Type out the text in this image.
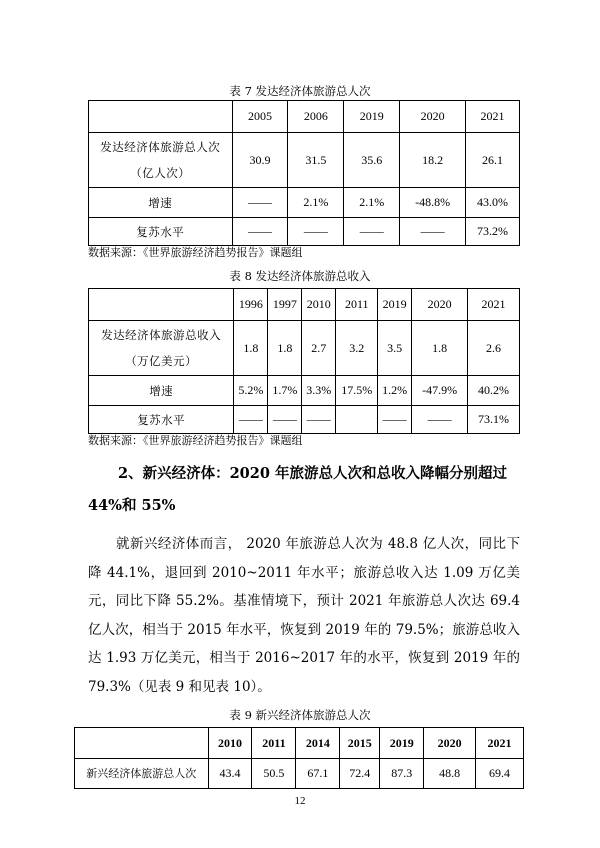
表 7 发达经济体旅游总人次
	2005	2006	2019	2020	2021

发达经济体旅游总人次
（亿人次）	30.9	31.5	35.6	18.2	26.1
增速	——	2.1%	2.1%	-48.8%	43.0%
复苏水平	——	——	——	——	73.2%
数据来源：《世界旅游经济趋势报告》课题组
表 8 发达经济体旅游总收入
	1996	1997	2010	2011	2019	2020	2021

发达经济体旅游总收入
（万亿美元）	1.8	1.8	2.7	3.2	3.5	1.8	2.6
增速	5.2%	1.7%	3.3%	17.5%	1.2%	-47.9%	40.2%
复苏水平	——	——	——		——	——	73.1%
数据来源：《世界旅游经济趋势报告》课题组
2、新兴经济体：2020 年旅游总人次和总收入降幅分别超过 44%和 55%
就新兴经济体而言， 2020 年旅游总人次为 48.8 亿人次，同比下降 44.1%，退回到 2010~2011 年水平；旅游总收入达 1.09 万亿美元，同比下降 55.2%。基准情境下，预计 2021 年旅游总人次达 69.4 亿人次，相当于 2015 年水平，恢复到 2019 年的 79.5%；旅游总收入达 1.93 万亿美元，相当于 2016~2017 年的水平，恢复到 2019 年的 79.3%（见表 9 和见表 10）。
表 9 新兴经济体旅游总人次
	2010	2011	2014	2015	2019	2020	2021
新兴经济体旅游总人次	43.4	50.5	67.1	72.4	87.3	48.8	69.4
12
